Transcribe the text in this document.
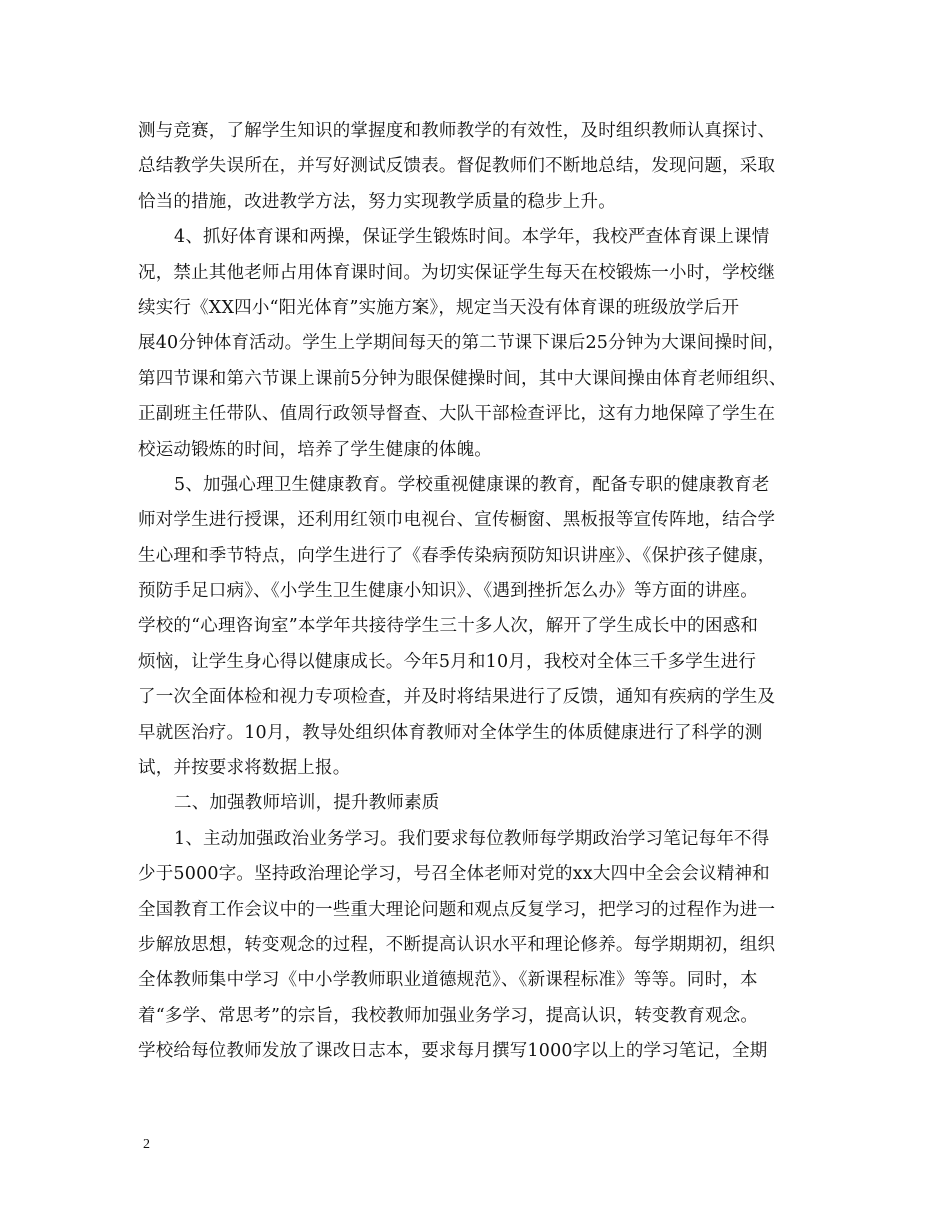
测与竞赛，了解学生知识的掌握度和教师教学的有效性，及时组织教师认真探讨、
总结教学失误所在，并写好测试反馈表。督促教师们不断地总结，发现问题，采取
恰当的措施，改进教学方法，努力实现教学质量的稳步上升。
4、抓好体育课和两操，保证学生锻炼时间。本学年，我校严查体育课上课情
况，禁止其他老师占用体育课时间。为切实保证学生每天在校锻炼一小时，学校继
续实行《XX四小“阳光体育”实施方案》，规定当天没有体育课的班级放学后开
展40分钟体育活动。学生上学期间每天的第二节课下课后25分钟为大课间操时间，
第四节课和第六节课上课前5分钟为眼保健操时间，其中大课间操由体育老师组织、
正副班主任带队、值周行政领导督查、大队干部检查评比，这有力地保障了学生在
校运动锻炼的时间，培养了学生健康的体魄。
5、加强心理卫生健康教育。学校重视健康课的教育，配备专职的健康教育老
师对学生进行授课，还利用红领巾电视台、宣传橱窗、黑板报等宣传阵地，结合学
生心理和季节特点，向学生进行了《春季传染病预防知识讲座》、《保护孩子健康，
预防手足口病》、《小学生卫生健康小知识》、《遇到挫折怎么办》等方面的讲座。
学校的“心理咨询室”本学年共接待学生三十多人次，解开了学生成长中的困惑和
烦恼，让学生身心得以健康成长。今年5月和10月，我校对全体三千多学生进行
了一次全面体检和视力专项检查，并及时将结果进行了反馈，通知有疾病的学生及
早就医治疗。10月，教导处组织体育教师对全体学生的体质健康进行了科学的测
试，并按要求将数据上报。
二、加强教师培训，提升教师素质
1、主动加强政治业务学习。我们要求每位教师每学期政治学习笔记每年不得
少于5000字。坚持政治理论学习，号召全体老师对党的xx大四中全会会议精神和
全国教育工作会议中的一些重大理论问题和观点反复学习，把学习的过程作为进一
步解放思想，转变观念的过程，不断提高认识水平和理论修养。每学期期初，组织
全体教师集中学习《中小学教师职业道德规范》、《新课程标准》等等。同时，本
着“多学、常思考”的宗旨，我校教师加强业务学习，提高认识，转变教育观念。
学校给每位教师发放了课改日志本，要求每月撰写1000字以上的学习笔记，全期
2
